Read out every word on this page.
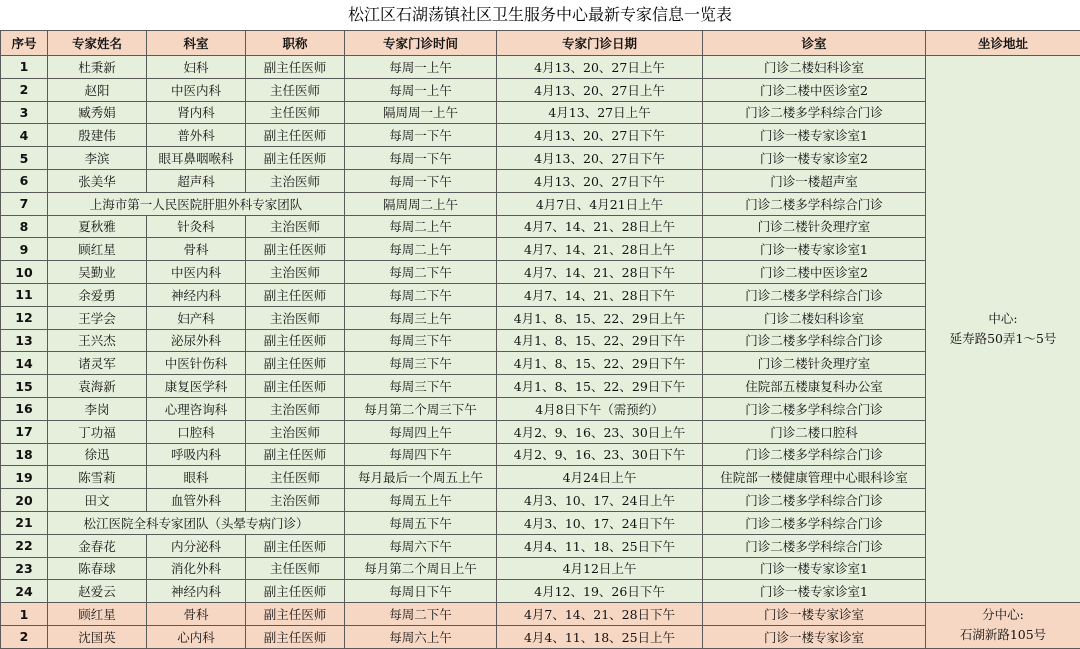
松江区石湖荡镇社区卫生服务中心最新专家信息一览表
序号	专家姓名	科室	职称	专家门诊时间	专家门诊日期	诊室	坐诊地址
1	杜秉新	妇科	副主任医师	每周一上午	4月13、20、27日上午	门诊二楼妇科诊室	中心:
延寿路50弄1～5号

2	赵阳	中医内科	主任医师	每周一上午	4月13、20、27日上午	门诊二楼中医诊室2	
3	臧秀娟	肾内科	主任医师	隔周周一上午	4月13、27日上午	门诊二楼多学科综合门诊	
4	殷建伟	普外科	副主任医师	每周一下午	4月13、20、27日下午	门诊一楼专家诊室1	
5	李滨	眼耳鼻咽喉科	副主任医师	每周一下午	4月13、20、27日下午	门诊一楼专家诊室2	
6	张美华	超声科	主治医师	每周一下午	4月13、20、27日下午	门诊一楼超声室	
7	上海市第一人民医院肝胆外科专家团队			隔周周二上午	4月7日、4月21日上午	门诊二楼多学科综合门诊	
8	夏秋雅	针灸科	主治医师	每周二上午	4月7、14、21、28日上午	门诊二楼针灸理疗室	
9	顾红星	骨科	副主任医师	每周二上午	4月7、14、21、28日上午	门诊一楼专家诊室1	
10	吴勤业	中医内科	主治医师	每周二下午	4月7、14、21、28日下午	门诊二楼中医诊室2	
11	余爱勇	神经内科	副主任医师	每周二下午	4月7、14、21、28日下午	门诊二楼多学科综合门诊	
12	王学会	妇产科	主治医师	每周三上午	4月1、8、15、22、29日上午	门诊二楼妇科诊室	
13	王兴杰	泌尿外科	副主任医师	每周三下午	4月1、8、15、22、29日下午	门诊二楼多学科综合门诊	
14	诸灵军	中医针伤科	副主任医师	每周三下午	4月1、8、15、22、29日下午	门诊二楼针灸理疗室	
15	袁海新	康复医学科	副主任医师	每周三下午	4月1、8、15、22、29日下午	住院部五楼康复科办公室	
16	李岗	心理咨询科	主治医师	每月第二个周三下午	4月8日下午（需预约）	门诊二楼多学科综合门诊	
17	丁功福	口腔科	主治医师	每周四上午	4月2、9、16、23、30日上午	门诊二楼口腔科	
18	徐迅	呼吸内科	副主任医师	每周四下午	4月2、9、16、23、30日下午	门诊二楼多学科综合门诊	
19	陈雪莉	眼科	主任医师	每月最后一个周五上午	4月24日上午	住院部一楼健康管理中心眼科诊室	
20	田文	血管外科	主治医师	每周五上午	4月3、10、17、24日上午	门诊二楼多学科综合门诊	
21	松江医院全科专家团队（头晕专病门诊）			每周五下午	4月3、10、17、24日下午	门诊二楼多学科综合门诊	
22	金春花	内分泌科	副主任医师	每周六下午	4月4、11、18、25日下午	门诊二楼多学科综合门诊	
23	陈春球	消化外科	主任医师	每月第二个周日上午	4月12日上午	门诊一楼专家诊室1	
24	赵爱云	神经内科	副主任医师	每周日下午	4月12、19、26日下午	门诊一楼专家诊室1	
1	顾红星	骨科	副主任医师	每周二下午	4月7、14、21、28日下午	门诊一楼专家诊室	分中心:
石湖新路105号

2	沈国英	心内科	副主任医师	每周六上午	4月4、11、18、25日上午	门诊一楼专家诊室	
